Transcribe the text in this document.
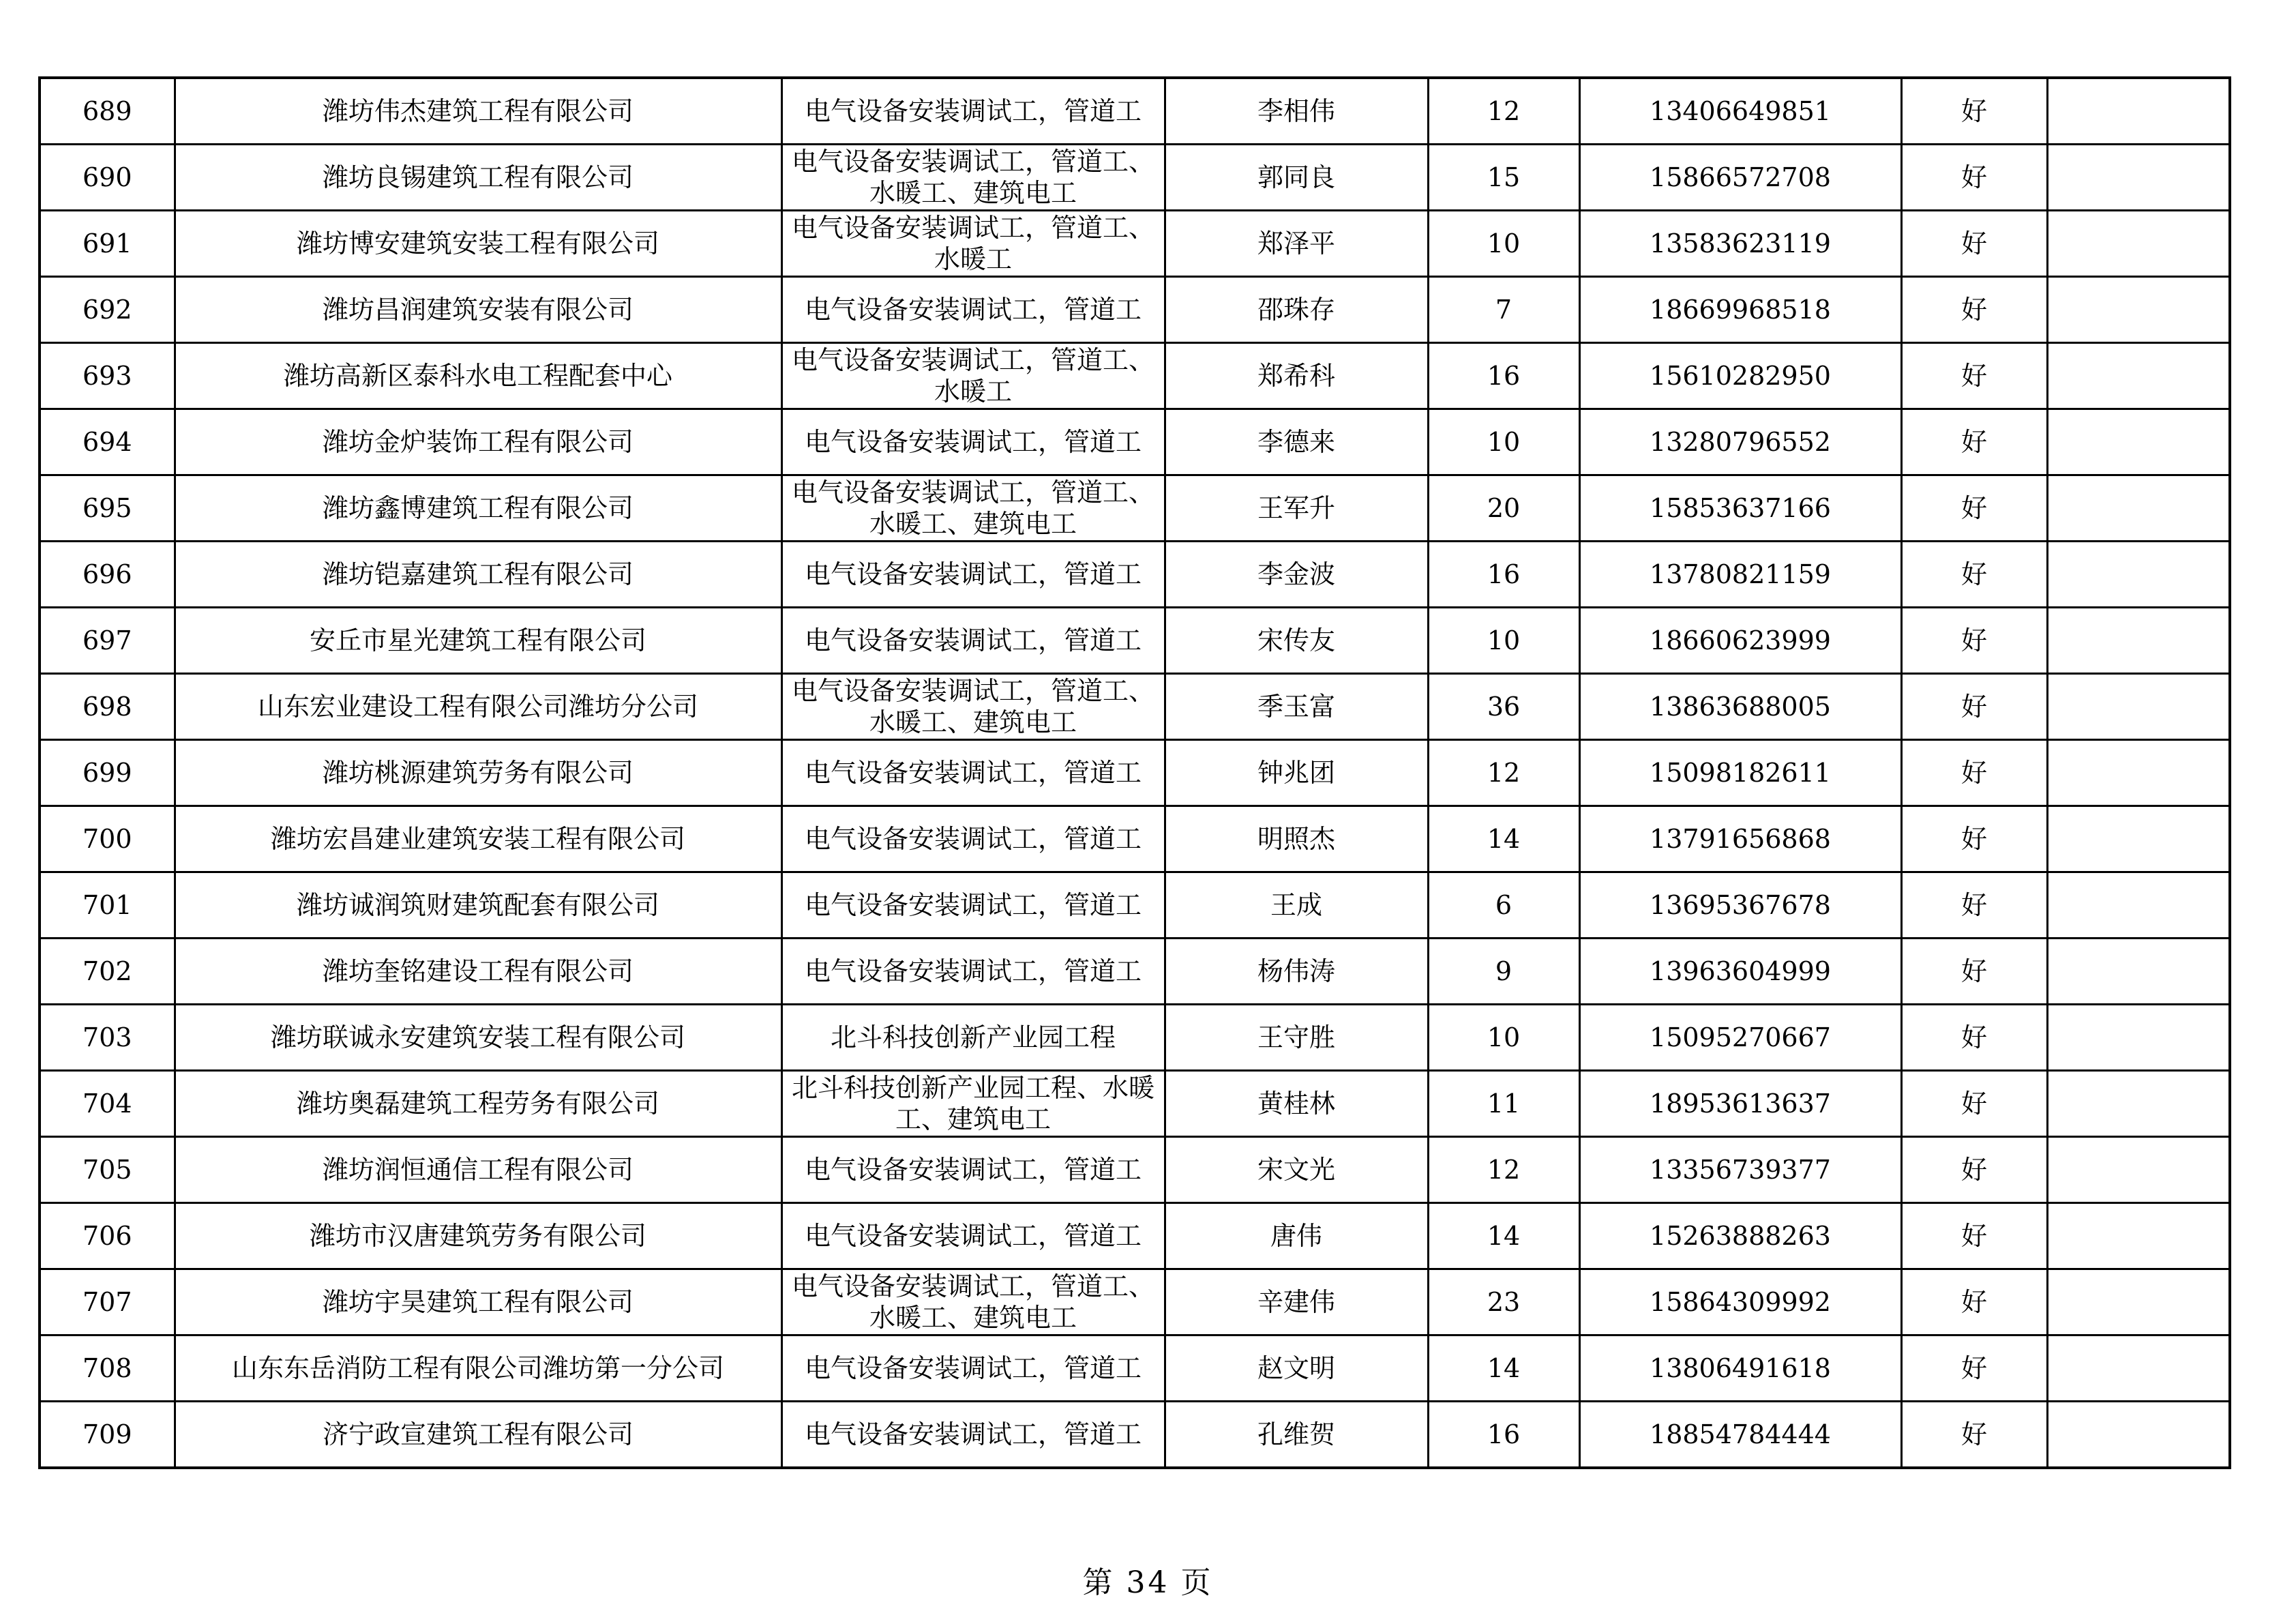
689	潍坊伟杰建筑工程有限公司	电气设备安装调试工，管道工	李相伟	12	13406649851	好	
690	潍坊良锡建筑工程有限公司	电气设备安装调试工，管道工、水暖工、建筑电工	郭同良	15	15866572708	好	
691	潍坊博安建筑安装工程有限公司	电气设备安装调试工，管道工、水暖工	郑泽平	10	13583623119	好	
692	潍坊昌润建筑安装有限公司	电气设备安装调试工，管道工	邵珠存	7	18669968518	好	
693	潍坊高新区泰科水电工程配套中心	电气设备安装调试工，管道工、水暖工	郑希科	16	15610282950	好	
694	潍坊金炉装饰工程有限公司	电气设备安装调试工，管道工	李德来	10	13280796552	好	
695	潍坊鑫博建筑工程有限公司	电气设备安装调试工，管道工、水暖工、建筑电工	王军升	20	15853637166	好	
696	潍坊铠嘉建筑工程有限公司	电气设备安装调试工，管道工	李金波	16	13780821159	好	
697	安丘市星光建筑工程有限公司	电气设备安装调试工，管道工	宋传友	10	18660623999	好	
698	山东宏业建设工程有限公司潍坊分公司	电气设备安装调试工，管道工、水暖工、建筑电工	季玉富	36	13863688005	好	
699	潍坊桃源建筑劳务有限公司	电气设备安装调试工，管道工	钟兆团	12	15098182611	好	
700	潍坊宏昌建业建筑安装工程有限公司	电气设备安装调试工，管道工	明照杰	14	13791656868	好	
701	潍坊诚润筑财建筑配套有限公司	电气设备安装调试工，管道工	王成	6	13695367678	好	
702	潍坊奎铭建设工程有限公司	电气设备安装调试工，管道工	杨伟涛	9	13963604999	好	
703	潍坊联诚永安建筑安装工程有限公司	北斗科技创新产业园工程	王守胜	10	15095270667	好	
704	潍坊奥磊建筑工程劳务有限公司	北斗科技创新产业园工程、水暖工、建筑电工	黄桂林	11	18953613637	好	
705	潍坊润恒通信工程有限公司	电气设备安装调试工，管道工	宋文光	12	13356739377	好	
706	潍坊市汉唐建筑劳务有限公司	电气设备安装调试工，管道工	唐伟	14	15263888263	好	
707	潍坊宇昊建筑工程有限公司	电气设备安装调试工，管道工、水暖工、建筑电工	辛建伟	23	15864309992	好	
708	山东东岳消防工程有限公司潍坊第一分公司	电气设备安装调试工，管道工	赵文明	14	13806491618	好	
709	济宁政宣建筑工程有限公司	电气设备安装调试工，管道工	孔维贺	16	18854784444	好	
第 34 页
